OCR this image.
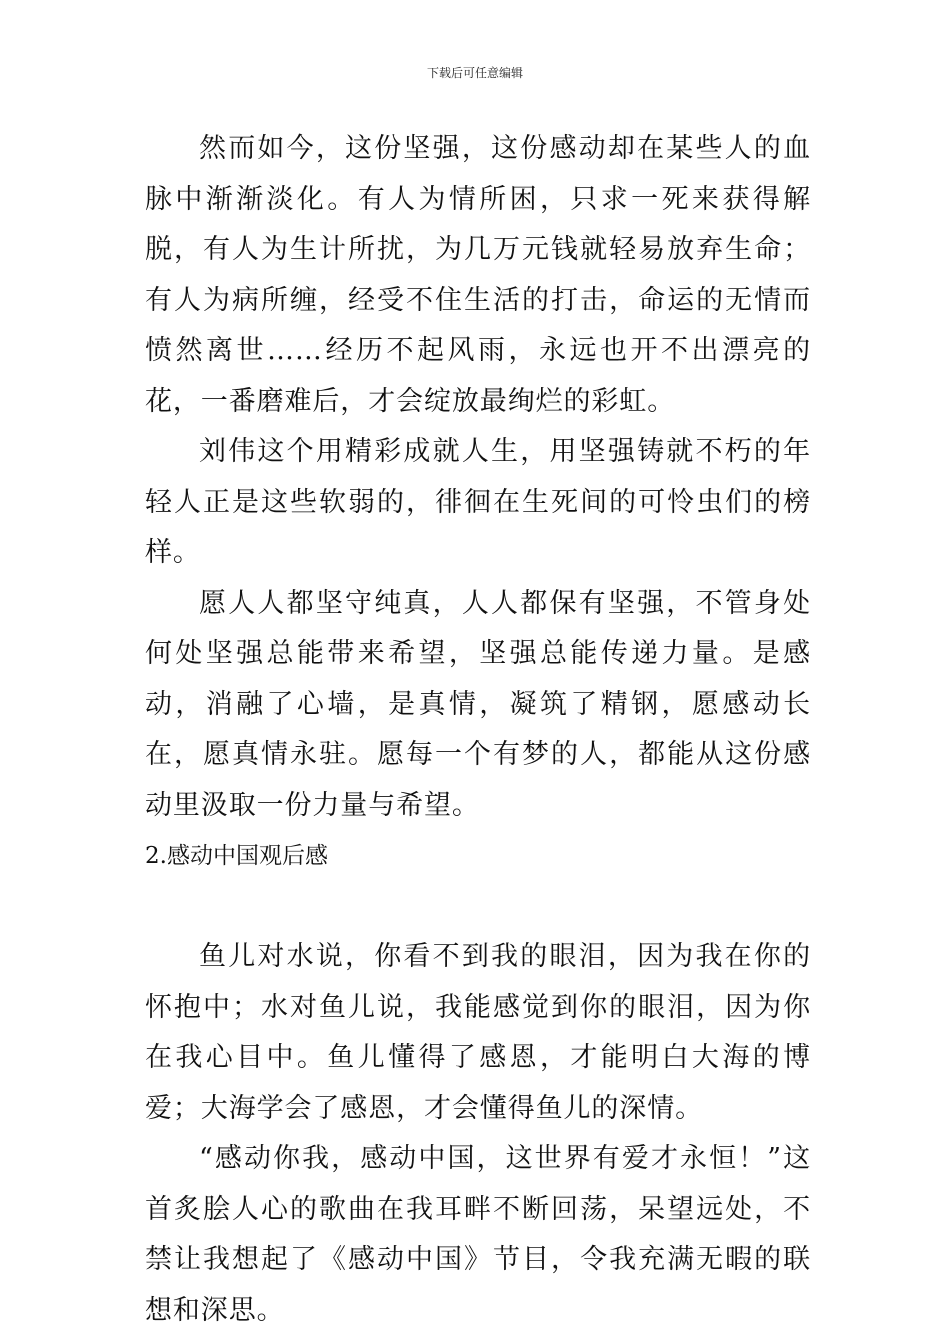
下载后可任意编辑

然而如今，这份坚强，这份感动却在某些人的血脉中渐渐淡化。有人为情所困，只求一死来获得解脱，有人为生计所扰，为几万元钱就轻易放弃生命；有人为病所缠，经受不住生活的打击，命运的无情而愤然离世……经历不起风雨，永远也开不出漂亮的花，一番磨难后，才会绽放最绚烂的彩虹。

刘伟这个用精彩成就人生，用坚强铸就不朽的年轻人正是这些软弱的，徘徊在生死间的可怜虫们的榜样。

愿人人都坚守纯真，人人都保有坚强，不管身处何处坚强总能带来希望，坚强总能传递力量。是感动，消融了心墙，是真情，凝筑了精钢，愿感动长在，愿真情永驻。愿每一个有梦的人，都能从这份感动里汲取一份力量与希望。

2.感动中国观后感

鱼儿对水说，你看不到我的眼泪，因为我在你的怀抱中；水对鱼儿说，我能感觉到你的眼泪，因为你在我心目中。鱼儿懂得了感恩，才能明白大海的博爱；大海学会了感恩，才会懂得鱼儿的深情。

“感动你我，感动中国，这世界有爱才永恒！”这首炙脍人心的歌曲在我耳畔不断回荡，呆望远处，不禁让我想起了《感动中国》节目，令我充满无暇的联想和深思。
